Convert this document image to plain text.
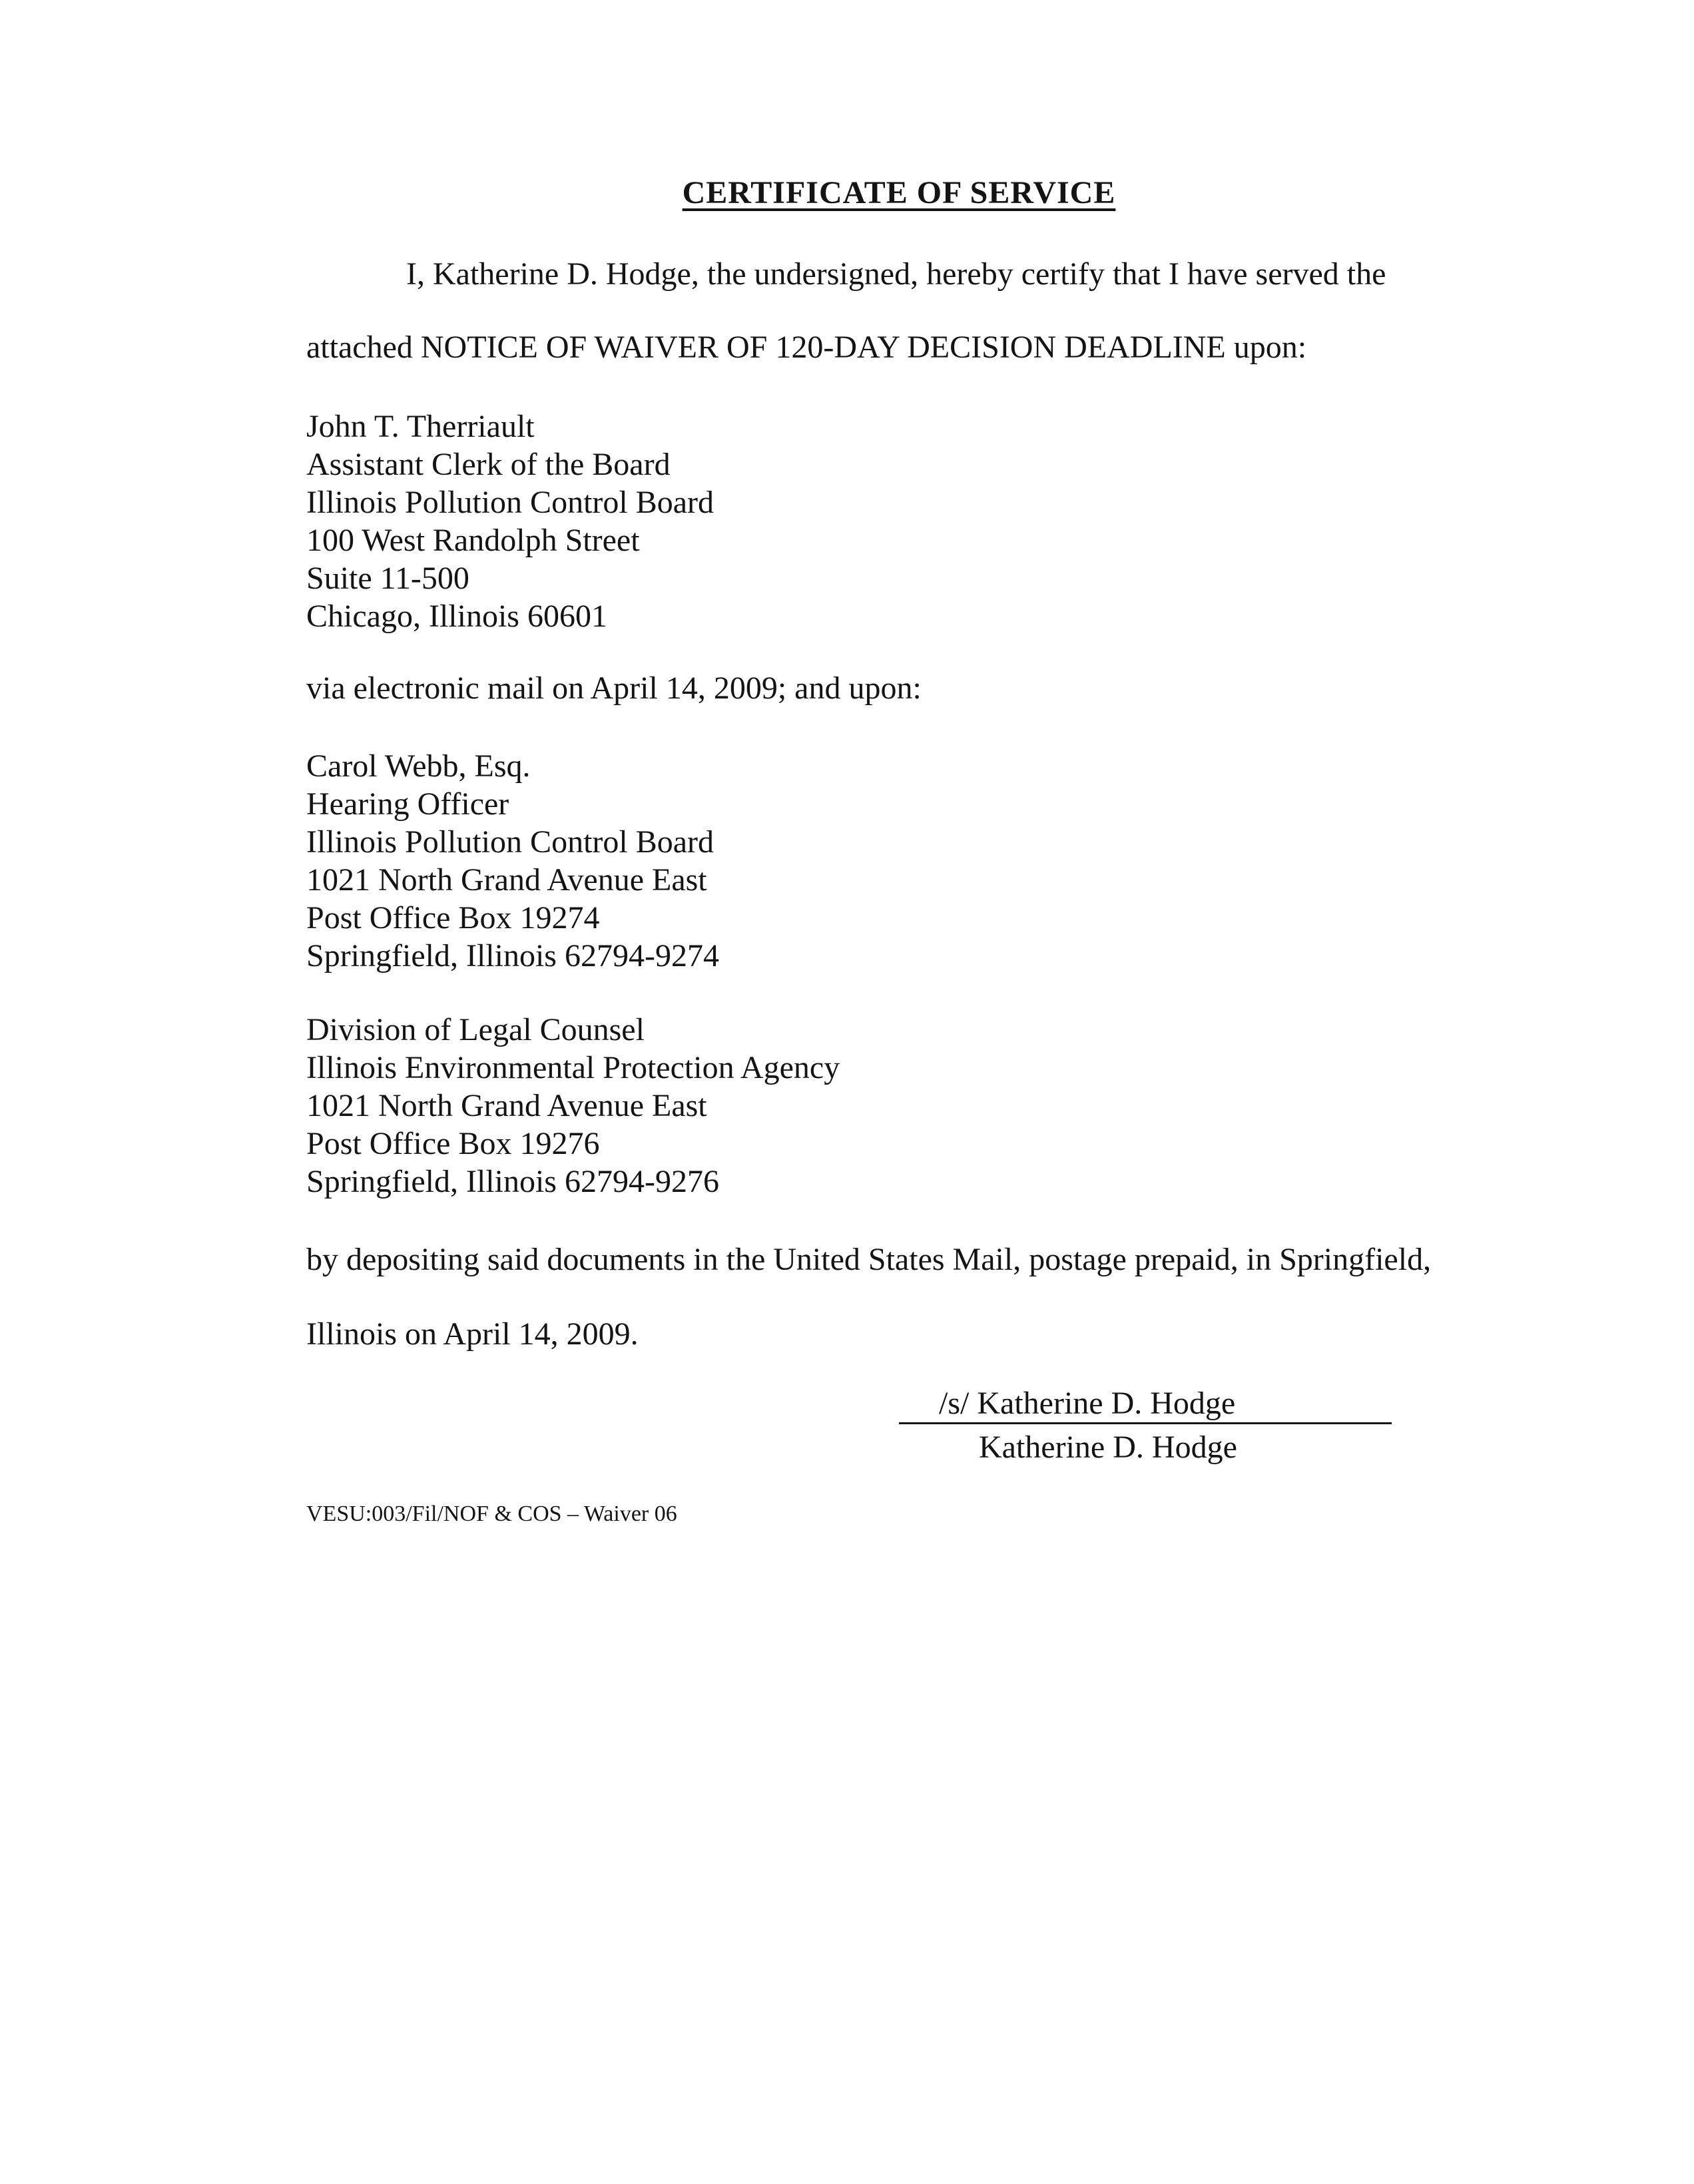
CERTIFICATE OF SERVICE
I, Katherine D. Hodge, the undersigned, hereby certify that I have served the
attached NOTICE OF WAIVER OF 120-DAY DECISION DEADLINE upon:
John T. Therriault
Assistant Clerk of the Board
Illinois Pollution Control Board
100 West Randolph Street
Suite 11-500
Chicago, Illinois 60601
via electronic mail on April 14, 2009; and upon:
Carol Webb, Esq.
Hearing Officer
Illinois Pollution Control Board
1021 North Grand Avenue East
Post Office Box 19274
Springfield, Illinois 62794-9274
Division of Legal Counsel
Illinois Environmental Protection Agency
1021 North Grand Avenue East
Post Office Box 19276
Springfield, Illinois 62794-9276
by depositing said documents in the United States Mail, postage prepaid, in Springfield,
Illinois on April 14, 2009.
/s/ Katherine D. Hodge
Katherine D. Hodge
VESU:003/Fil/NOF & COS – Waiver 06
